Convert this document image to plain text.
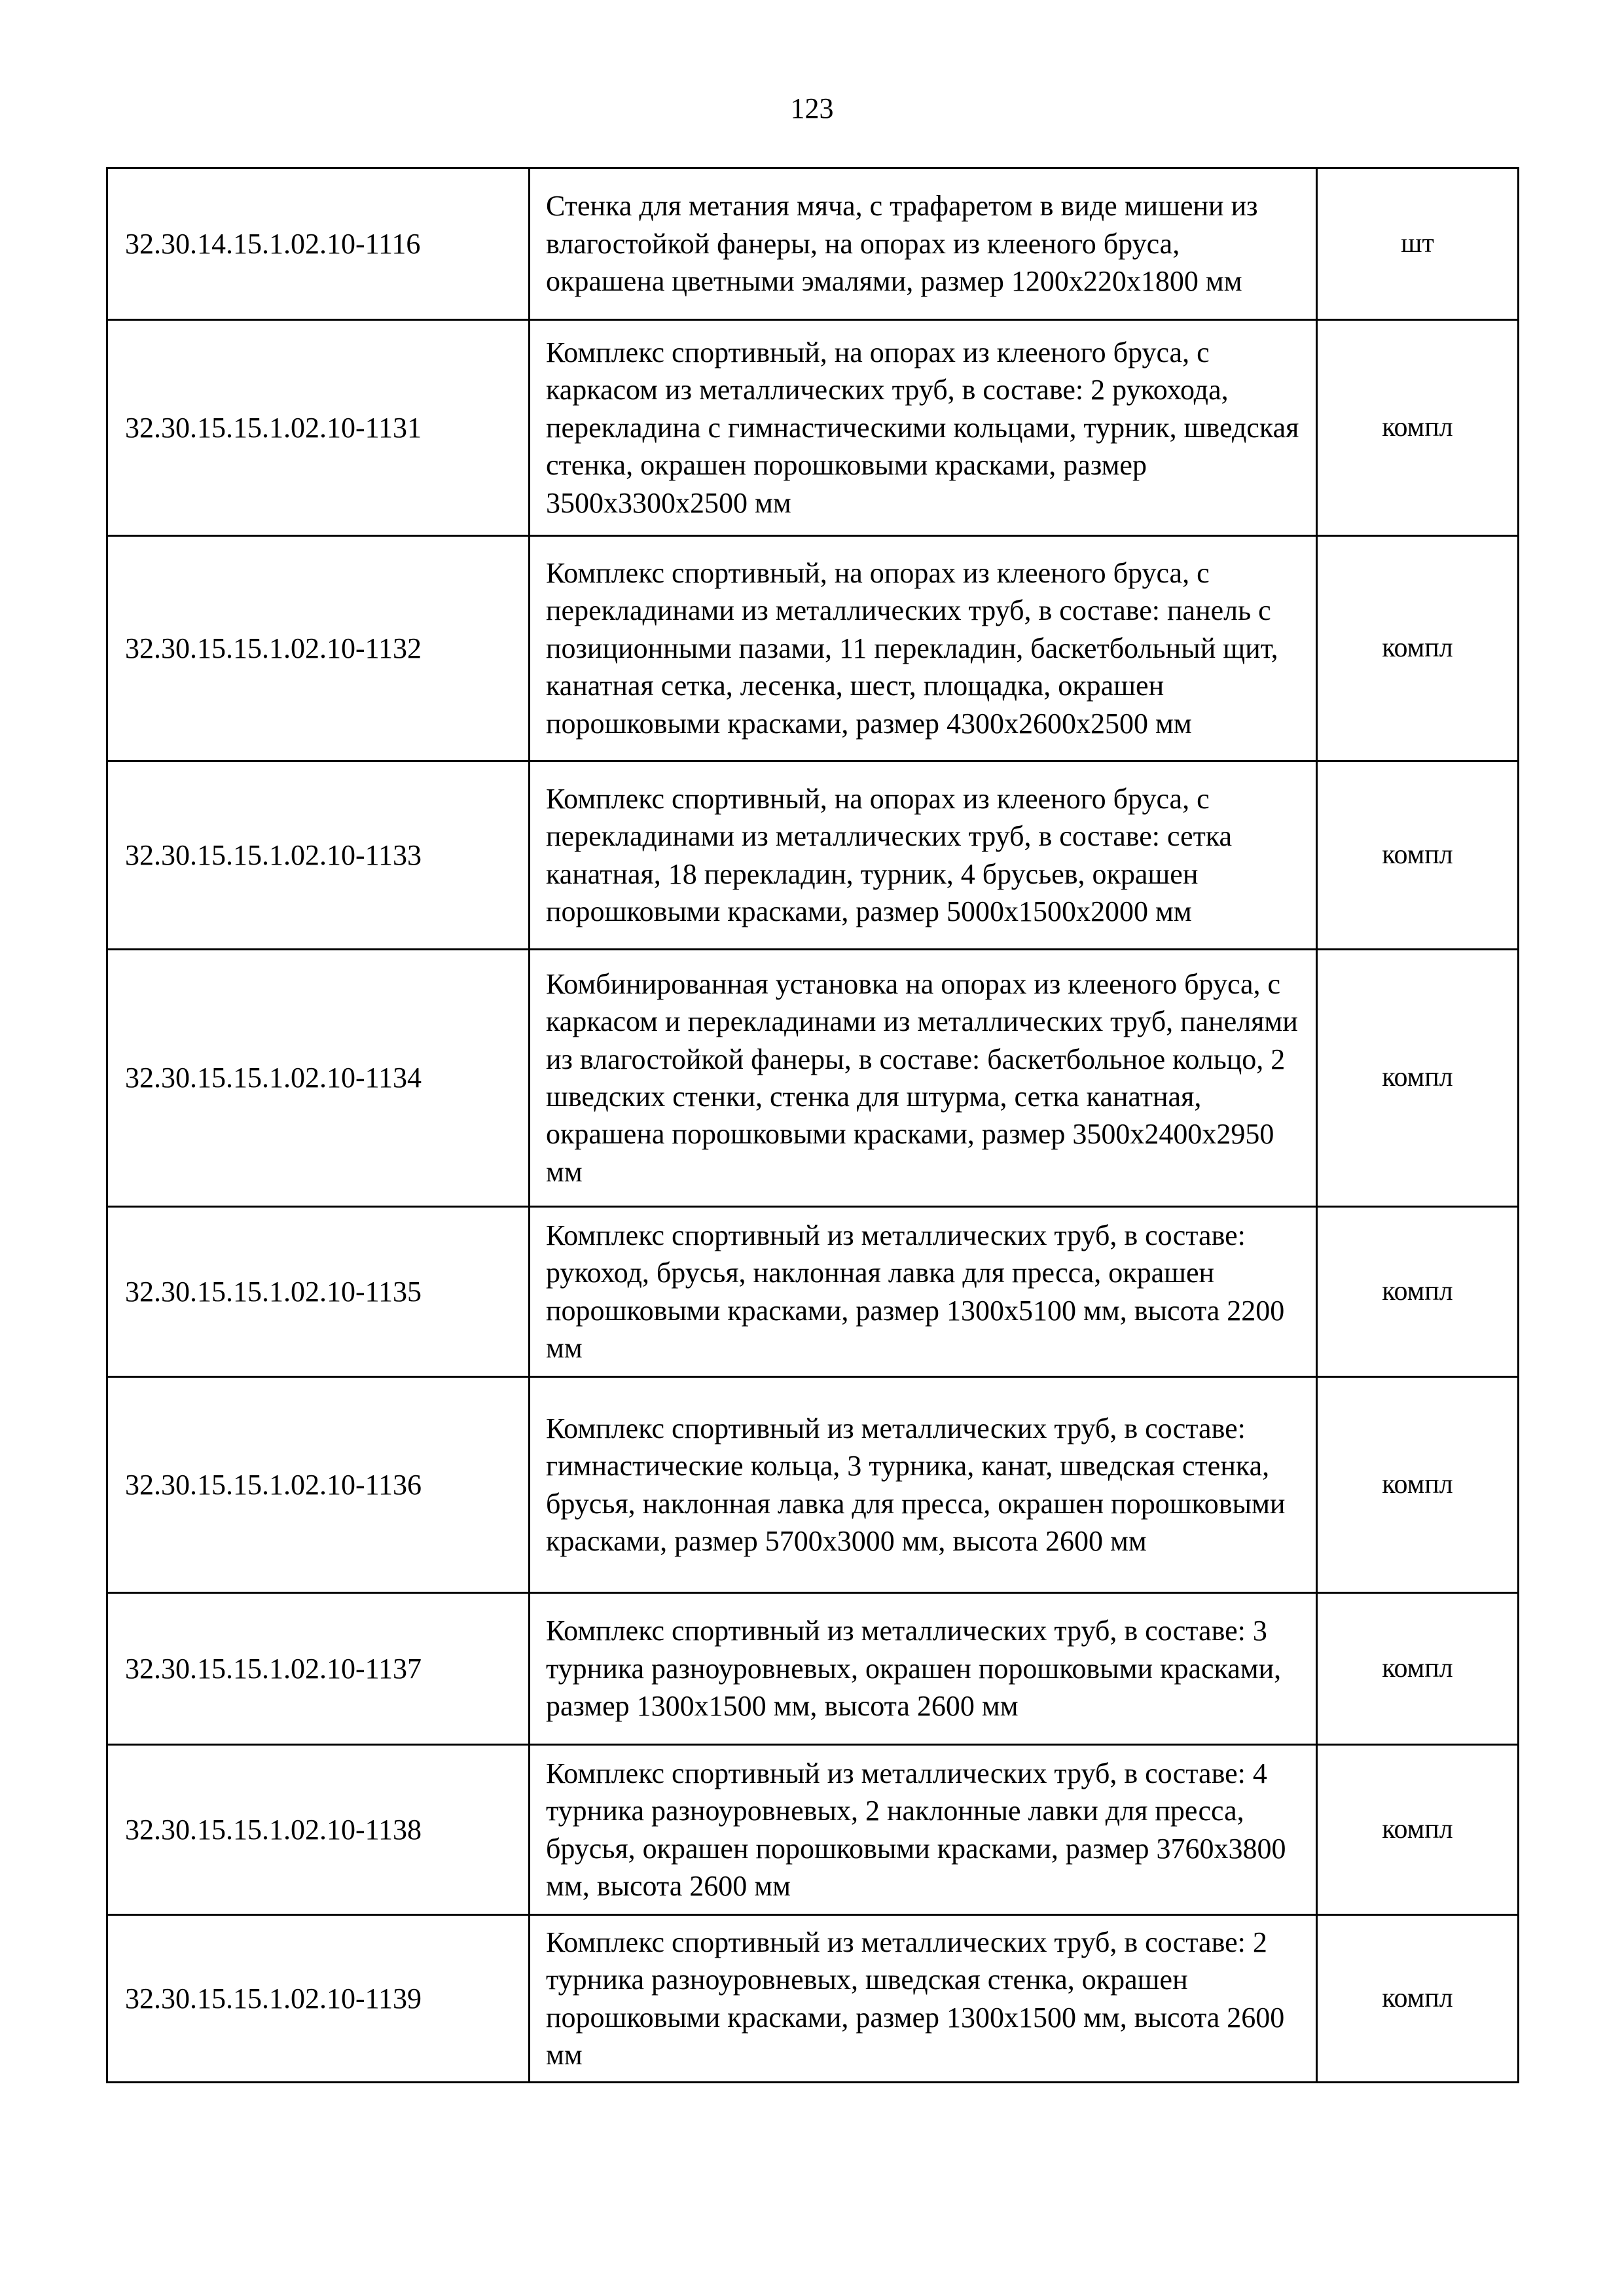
123
32.30.14.15.1.02.10-1116	Стенка для метания мяча, с трафаретом в виде мишени из влагостойкой фанеры, на опорах из клееного бруса, окрашена цветными эмалями, размер 1200x220x1800 мм	шт
32.30.15.15.1.02.10-1131	Комплекс спортивный, на опорах из клееного бруса, с каркасом из металлических труб, в составе: 2 рукохода, перекладина с гимнастическими кольцами, турник, шведская стенка, окрашен порошковыми красками, размер 3500x3300x2500 мм	компл
32.30.15.15.1.02.10-1132	Комплекс спортивный, на опорах из клееного бруса, с перекладинами из металлических труб, в составе: панель с позиционными пазами, 11 перекладин, баскетбольный щит, канатная сетка, лесенка, шест, площадка, окрашен порошковыми красками, размер 4300x2600x2500 мм	компл
32.30.15.15.1.02.10-1133	Комплекс спортивный, на опорах из клееного бруса, с перекладинами из металлических труб, в составе: сетка канатная, 18 перекладин, турник, 4 брусьев, окрашен порошковыми красками, размер 5000x1500x2000 мм	компл
32.30.15.15.1.02.10-1134	Комбинированная установка на опорах из клееного бруса, с каркасом и перекладинами из металлических труб, панелями из влагостойкой фанеры, в составе: баскетбольное кольцо, 2 шведских стенки, стенка для штурма, сетка канатная, окрашена порошковыми красками, размер 3500x2400x2950 мм	компл
32.30.15.15.1.02.10-1135	Комплекс спортивный из металлических труб, в составе: рукоход, брусья, наклонная лавка для пресса, окрашен порошковыми красками, размер 1300x5100 мм, высота 2200 мм	компл
32.30.15.15.1.02.10-1136	Комплекс спортивный из металлических труб, в составе: гимнастические кольца, 3 турника, канат, шведская стенка, брусья, наклонная лавка для пресса, окрашен порошковыми красками, размер 5700x3000 мм, высота 2600 мм	компл
32.30.15.15.1.02.10-1137	Комплекс спортивный из металлических труб, в составе: 3 турника разноуровневых, окрашен порошковыми красками, размер 1300x1500 мм, высота 2600 мм	компл
32.30.15.15.1.02.10-1138	Комплекс спортивный из металлических труб, в составе: 4 турника разноуровневых, 2 наклонные лавки для пресса, брусья, окрашен порошковыми красками, размер 3760x3800 мм, высота 2600 мм	компл
32.30.15.15.1.02.10-1139	Комплекс спортивный из металлических труб, в составе: 2 турника разноуровневых, шведская стенка, окрашен порошковыми красками, размер 1300x1500 мм, высота 2600 мм	компл
